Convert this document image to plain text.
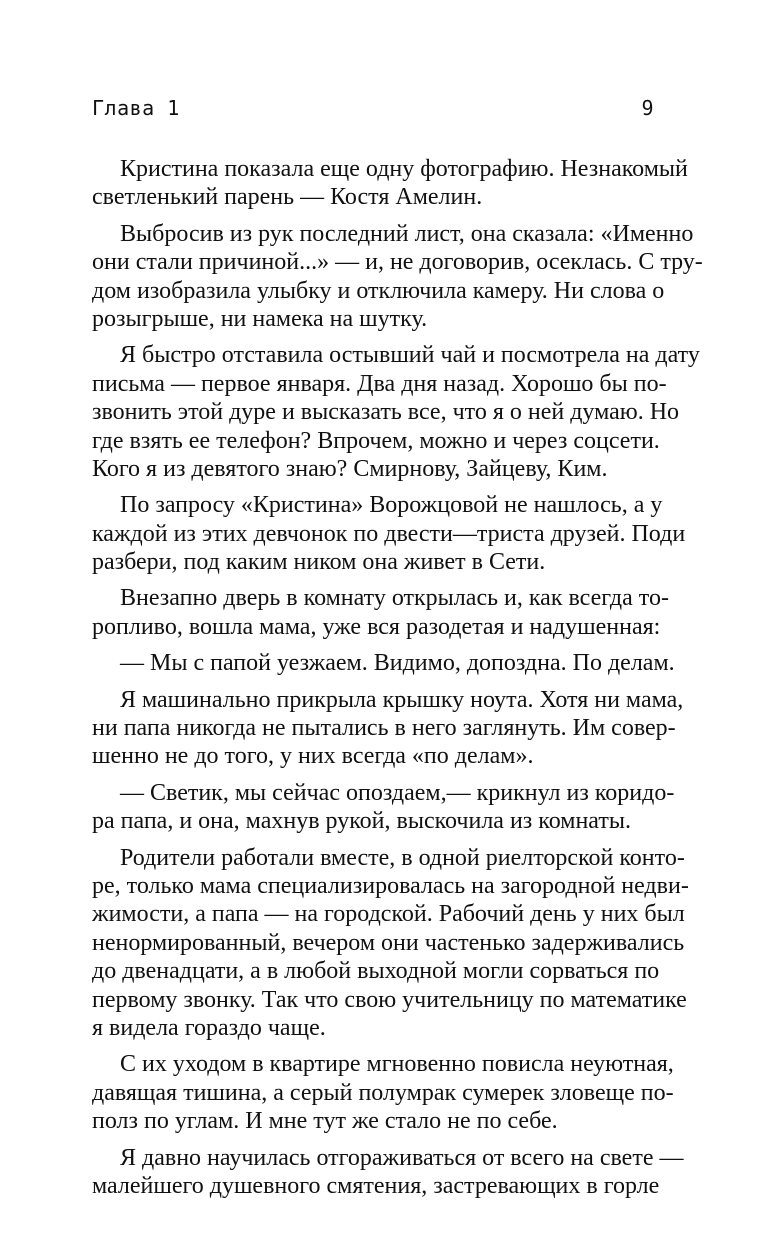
Глава 1	9
Кристина показала еще одну фотографию. Незнакомый
светленький парень — Костя Амелин.
Выбросив из рук последний лист, она сказала: «Именно
они стали причиной...» — и, не договорив, осеклась. С тру-
дом изобразила улыбку и отключила камеру. Ни слова о
розыгрыше, ни намека на шутку.
Я быстро отставила остывший чай и посмотрела на дату
письма — первое января. Два дня назад. Хорошо бы по-
звонить этой дуре и высказать все, что я о ней думаю. Но
где взять ее телефон? Впрочем, можно и через соцсети.
Кого я из девятого знаю? Смирнову, Зайцеву, Ким.
По запросу «Кристина» Ворожцовой не нашлось, а у
каждой из этих девчонок по двести—триста друзей. Поди
разбери, под каким ником она живет в Сети.
Внезапно дверь в комнату открылась и, как всегда то-
ропливо, вошла мама, уже вся разодетая и надушенная:
— Мы с папой уезжаем. Видимо, допоздна. По делам.
Я машинально прикрыла крышку ноута. Хотя ни мама,
ни папа никогда не пытались в него заглянуть. Им совер-
шенно не до того, у них всегда «по делам».
— Светик, мы сейчас опоздаем,— крикнул из коридо-
ра папа, и она, махнув рукой, выскочила из комнаты.
Родители работали вместе, в одной риелторской конто-
ре, только мама специализировалась на загородной недви-
жимости, а папа — на городской. Рабочий день у них был
ненормированный, вечером они частенько задерживались
до двенадцати, а в любой выходной могли сорваться по
первому звонку. Так что свою учительницу по математике
я видела гораздо чаще.
С их уходом в квартире мгновенно повисла неуютная,
давящая тишина, а серый полумрак сумерек зловеще по-
полз по углам. И мне тут же стало не по себе.
Я давно научилась отгораживаться от всего на свете —
малейшего душевного смятения, застревающих в горле
